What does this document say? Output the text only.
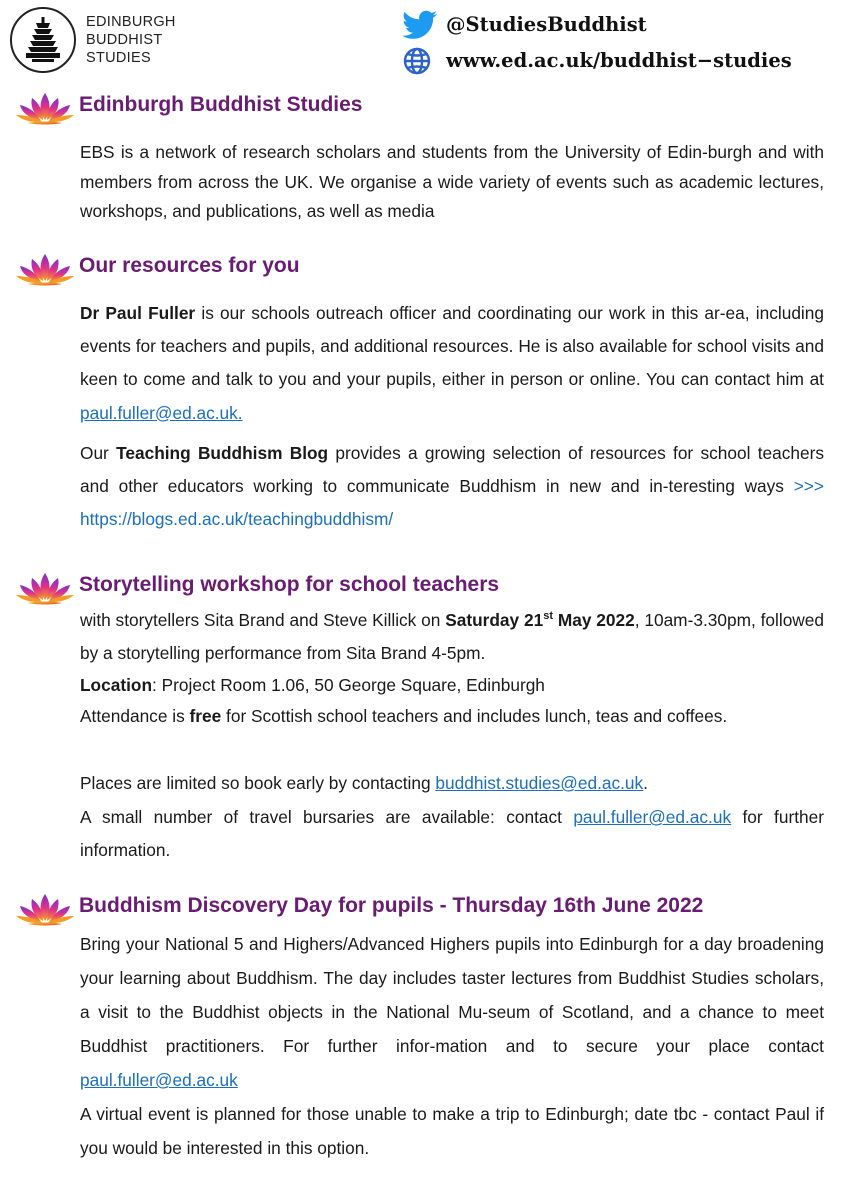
EDINBURGH
BUDDHIST
STUDIES
@StudiesBuddhist
www.ed.ac.uk/buddhist−studies
Edinburgh Buddhist Studies

EBS is a network of research scholars and students from the University of Edin-burgh and with members from across the UK. We organise a wide variety of events such as academic lectures, workshops, and publications, as well as media

Our resources for you

Dr Paul Fuller is our schools outreach officer and coordinating our work in this ar-ea, including events for teachers and pupils, and additional resources. He is also available for school visits and keen to come and talk to you and your pupils, either in person or online. You can contact him at paul.fuller@ed.ac.uk.

Our Teaching Buddhism Blog provides a growing selection of resources for school teachers and other educators working to communicate Buddhism in new and in-teresting ways >>> https://blogs.ed.ac.uk/teachingbuddhism/

Storytelling workshop for school teachers

with storytellers Sita Brand and Steve Killick on Saturday 21st May 2022, 10am-3.30pm, followed by a storytelling performance from Sita Brand 4-5pm.

Location: Project Room 1.06, 50 George Square, Edinburgh

Attendance is free for Scottish school teachers and includes lunch, teas and coffees.

Places are limited so book early by contacting buddhist.studies@ed.ac.uk.

A small number of travel bursaries are available: contact paul.fuller@ed.ac.uk for further information.

Buddhism Discovery Day for pupils - Thursday 16th June 2022

Bring your National 5 and Highers/Advanced Highers pupils into Edinburgh for a day broadening your learning about Buddhism. The day includes taster lectures from Buddhist Studies scholars, a visit to the Buddhist objects in the National Mu-seum of Scotland, and a chance to meet Buddhist practitioners. For further infor-mation and to secure your place contact paul.fuller@ed.ac.uk

A virtual event is planned for those unable to make a trip to Edinburgh; date tbc - contact Paul if you would be interested in this option.
